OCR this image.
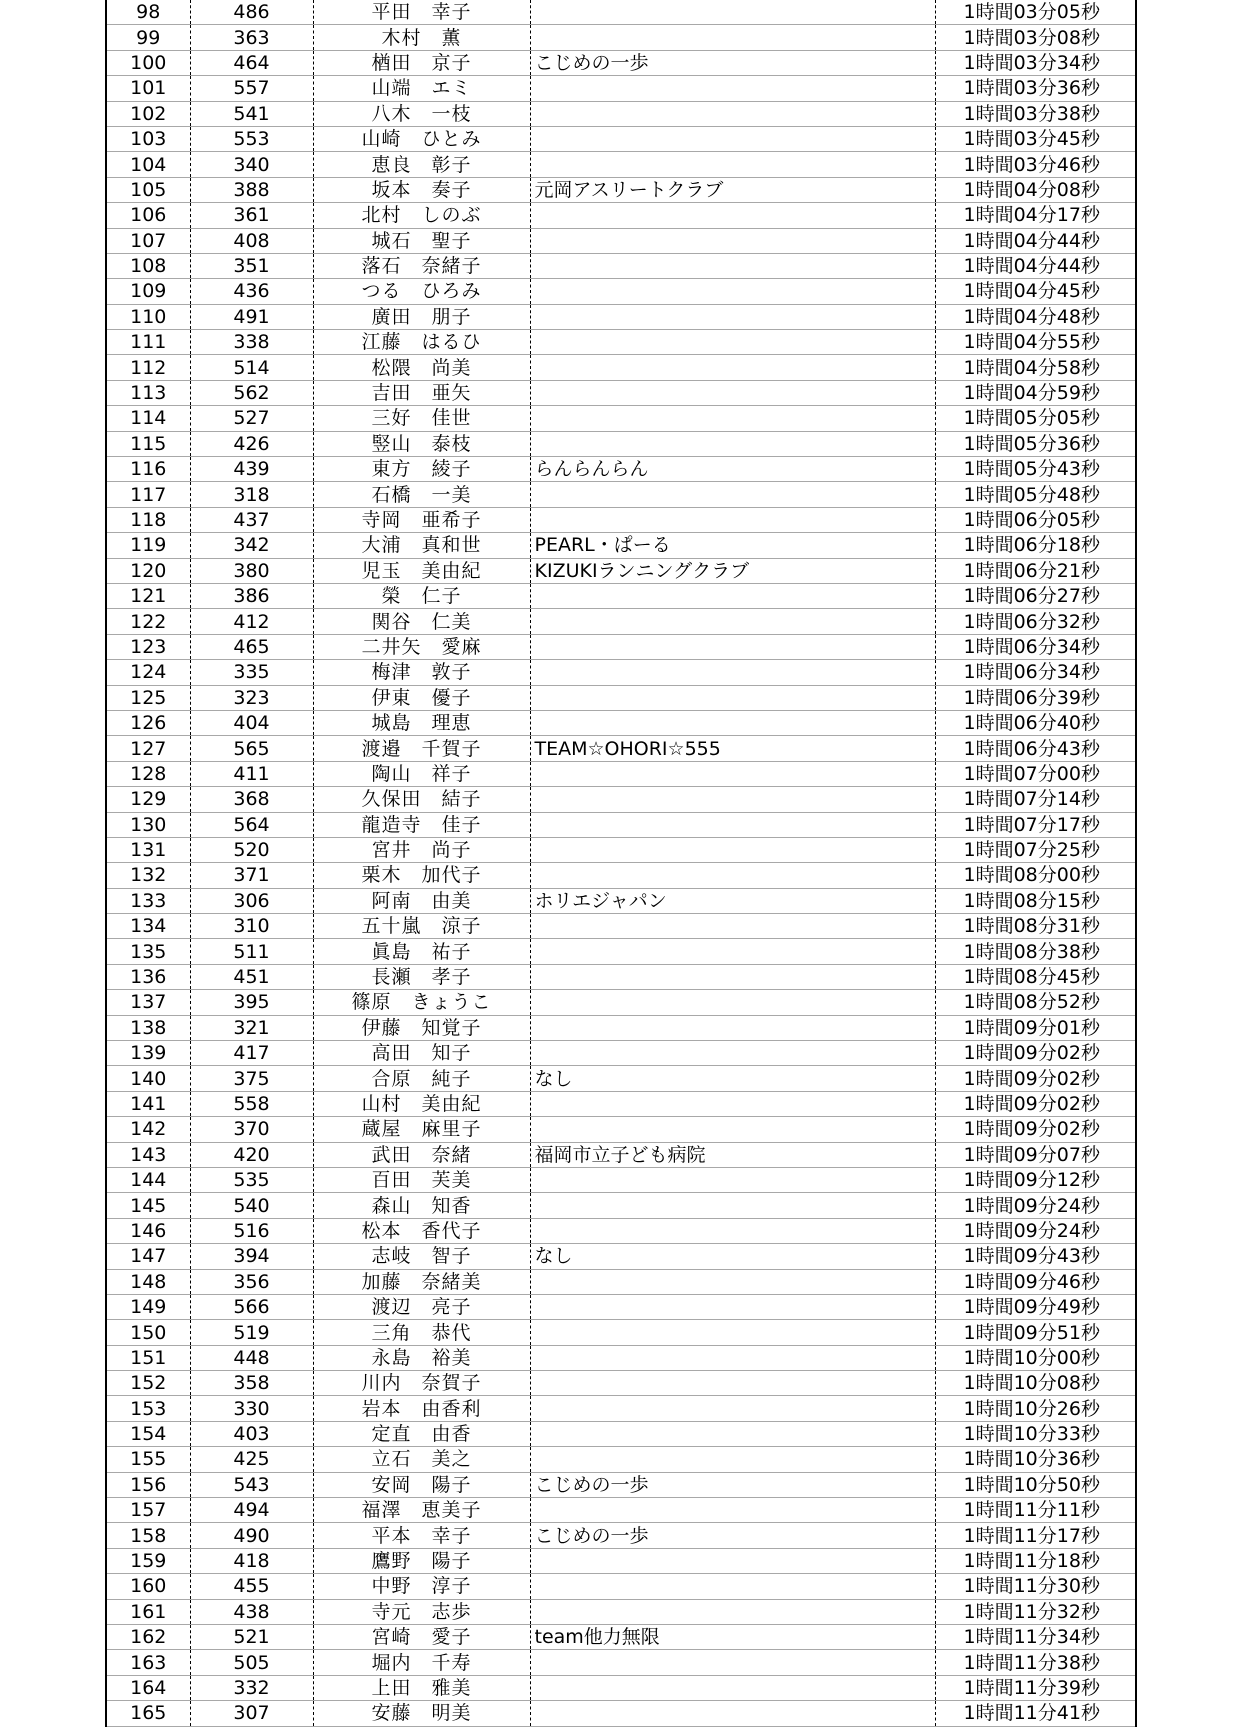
98	486	平田　幸子		1時間03分05秒
99	363	木村　薫		1時間03分08秒
100	464	楢田　京子	こじめの一歩	1時間03分34秒
101	557	山端　エミ		1時間03分36秒
102	541	八木　一枝		1時間03分38秒
103	553	山崎　ひとみ		1時間03分45秒
104	340	恵良　彰子		1時間03分46秒
105	388	坂本　奏子	元岡アスリートクラブ	1時間04分08秒
106	361	北村　しのぶ		1時間04分17秒
107	408	城石　聖子		1時間04分44秒
108	351	落石　奈緒子		1時間04分44秒
109	436	つる　ひろみ		1時間04分45秒
110	491	廣田　朋子		1時間04分48秒
111	338	江藤　はるひ		1時間04分55秒
112	514	松隈　尚美		1時間04分58秒
113	562	吉田　亜矢		1時間04分59秒
114	527	三好　佳世		1時間05分05秒
115	426	竪山　泰枝		1時間05分36秒
116	439	東方　綾子	らんらんらん	1時間05分43秒
117	318	石橋　一美		1時間05分48秒
118	437	寺岡　亜希子		1時間06分05秒
119	342	大浦　真和世	PEARL・ぱーる	1時間06分18秒
120	380	児玉　美由紀	KIZUKIランニングクラブ	1時間06分21秒
121	386	榮　仁子		1時間06分27秒
122	412	関谷　仁美		1時間06分32秒
123	465	二井矢　愛麻		1時間06分34秒
124	335	梅津　敦子		1時間06分34秒
125	323	伊東　優子		1時間06分39秒
126	404	城島　理恵		1時間06分40秒
127	565	渡邉　千賀子	TEAM☆OHORI☆555	1時間06分43秒
128	411	陶山　祥子		1時間07分00秒
129	368	久保田　結子		1時間07分14秒
130	564	龍造寺　佳子		1時間07分17秒
131	520	宮井　尚子		1時間07分25秒
132	371	栗木　加代子		1時間08分00秒
133	306	阿南　由美	ホリエジャパン	1時間08分15秒
134	310	五十嵐　涼子		1時間08分31秒
135	511	眞島　祐子		1時間08分38秒
136	451	長瀬　孝子		1時間08分45秒
137	395	篠原　きょうこ		1時間08分52秒
138	321	伊藤　知覚子		1時間09分01秒
139	417	高田　知子		1時間09分02秒
140	375	合原　純子	なし	1時間09分02秒
141	558	山村　美由紀		1時間09分02秒
142	370	蔵屋　麻里子		1時間09分02秒
143	420	武田　奈緒	福岡市立子ども病院	1時間09分07秒
144	535	百田　芙美		1時間09分12秒
145	540	森山　知香		1時間09分24秒
146	516	松本　香代子		1時間09分24秒
147	394	志岐　智子	なし	1時間09分43秒
148	356	加藤　奈緒美		1時間09分46秒
149	566	渡辺　亮子		1時間09分49秒
150	519	三角　恭代		1時間09分51秒
151	448	永島　裕美		1時間10分00秒
152	358	川内　奈賀子		1時間10分08秒
153	330	岩本　由香利		1時間10分26秒
154	403	定直　由香		1時間10分33秒
155	425	立石　美之		1時間10分36秒
156	543	安岡　陽子	こじめの一歩	1時間10分50秒
157	494	福澤　恵美子		1時間11分11秒
158	490	平本　幸子	こじめの一歩	1時間11分17秒
159	418	鷹野　陽子		1時間11分18秒
160	455	中野　淳子		1時間11分30秒
161	438	寺元　志歩		1時間11分32秒
162	521	宮崎　愛子	team他力無限	1時間11分34秒
163	505	堀内　千寿		1時間11分38秒
164	332	上田　雅美		1時間11分39秒
165	307	安藤　明美		1時間11分41秒
